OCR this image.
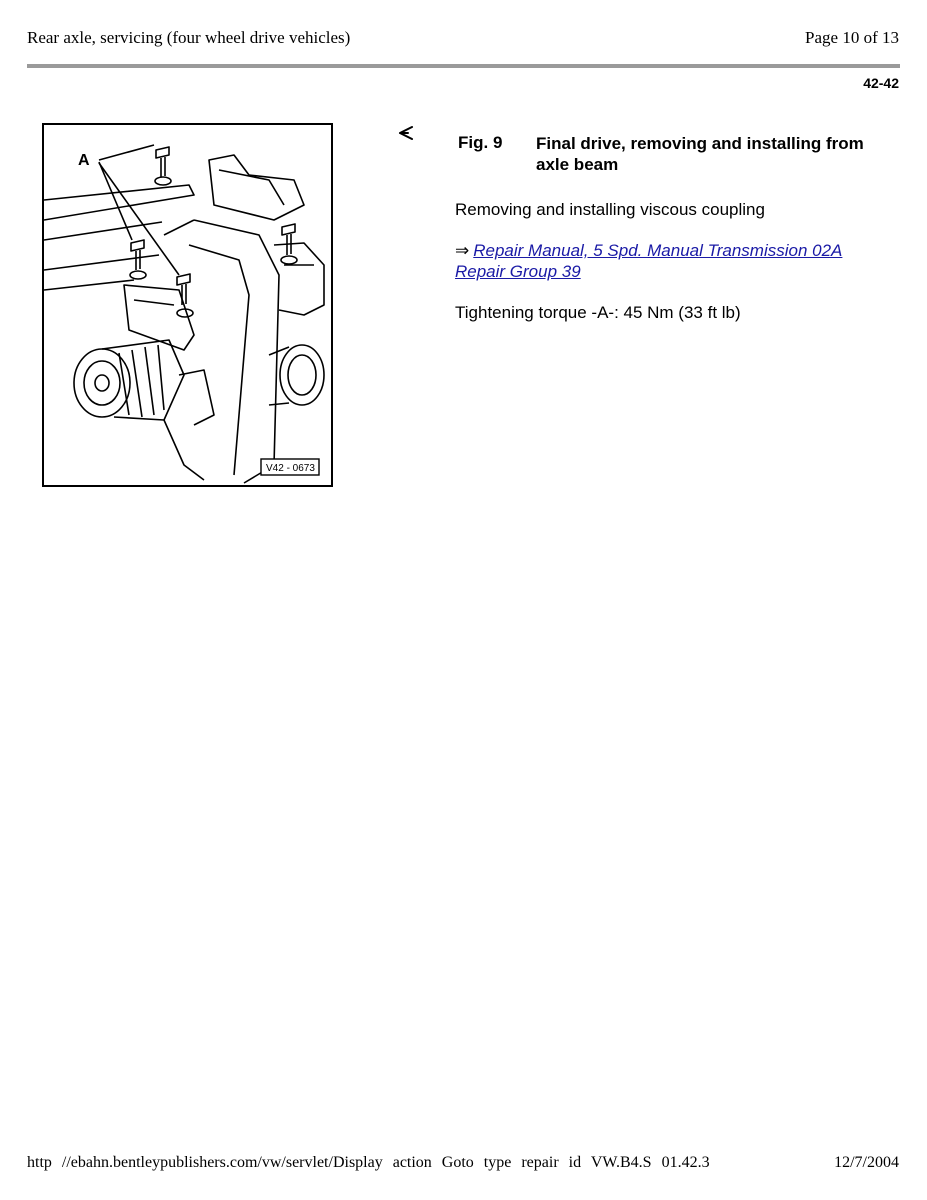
Rear axle, servicing (four wheel drive vehicles)	Page 10 of 13
42-42
A
V42 - 0673
Fig. 9 Final drive, removing and installing from axle beam
Removing and installing viscous coupling
⇒ Repair Manual, 5 Spd. Manual Transmission 02A Repair Group 39
Tightening torque -A-: 45 Nm (33 ft lb)
http //ebahn.bentleypublishers.com/vw/servlet/Display action Goto type repair id VW.B4.S 01.42.3	12/7/2004
